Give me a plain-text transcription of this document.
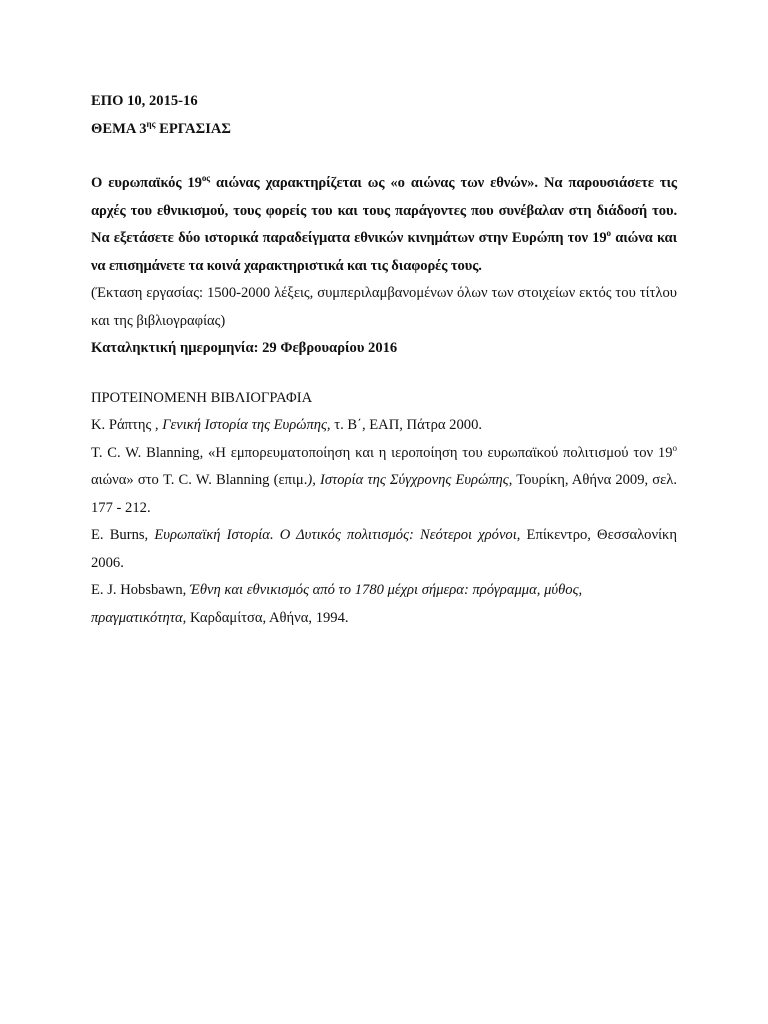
ΕΠΟ 10, 2015-16

ΘΕΜΑ $3^{\eta\varsigma}$ ΕΡΓΑΣΙΑΣ

Ο ευρωπαϊκός $19^{o\varsigma}$ αιώνας χαρακτηρίζεται ως «ο αιώνας των εθνών». Να παρουσιάσετε τις αρχές του εθνικισμού, τους φορείς του και τους παράγοντες που συνέβαλαν στη διάδοσή του. Να εξετάσετε δύο ιστορικά παραδείγματα εθνικών κινημάτων στην Ευρώπη τον $19^o$ αιώνα και να επισημάνετε τα κοινά χαρακτηριστικά και τις διαφορές τους.

(Έκταση εργασίας: 1500-2000 λέξεις, συμπεριλαμβανομένων όλων των στοιχείων εκτός του τίτλου και της βιβλιογραφίας)

Καταληκτική ημερομηνία: 29 Φεβρουαρίου 2016

ΠΡΟΤΕΙΝΟΜΕΝΗ ΒΙΒΛΙΟΓΡΑΦΙΑ

Κ. Ράπτης , Γενική Ιστορία της Ευρώπης, τ. Β΄, ΕΑΠ, Πάτρα 2000.

T. C. W. Blanning, «Η εμπορευματοποίηση και η ιεροποίηση του ευρωπαϊκού πολιτισμού τον $19^o$ αιώνα» στο T. C. W. Blanning (επιμ.), Ιστορία της Σύγχρονης Ευρώπης, Τουρίκη, Αθήνα 2009, σελ. 177 - 212.

E. Burns, Ευρωπαϊκή Ιστορία. Ο Δυτικός πολιτισμός: Νεότεροι χρόνοι, Επίκεντρο, Θεσσαλονίκη 2006.

E. J. Hobsbawn, Έθνη και εθνικισμός από το 1780 μέχρι σήμερα: πρόγραμμα, μύθος, πραγματικότητα, Καρδαμίτσα, Αθήνα, 1994.
